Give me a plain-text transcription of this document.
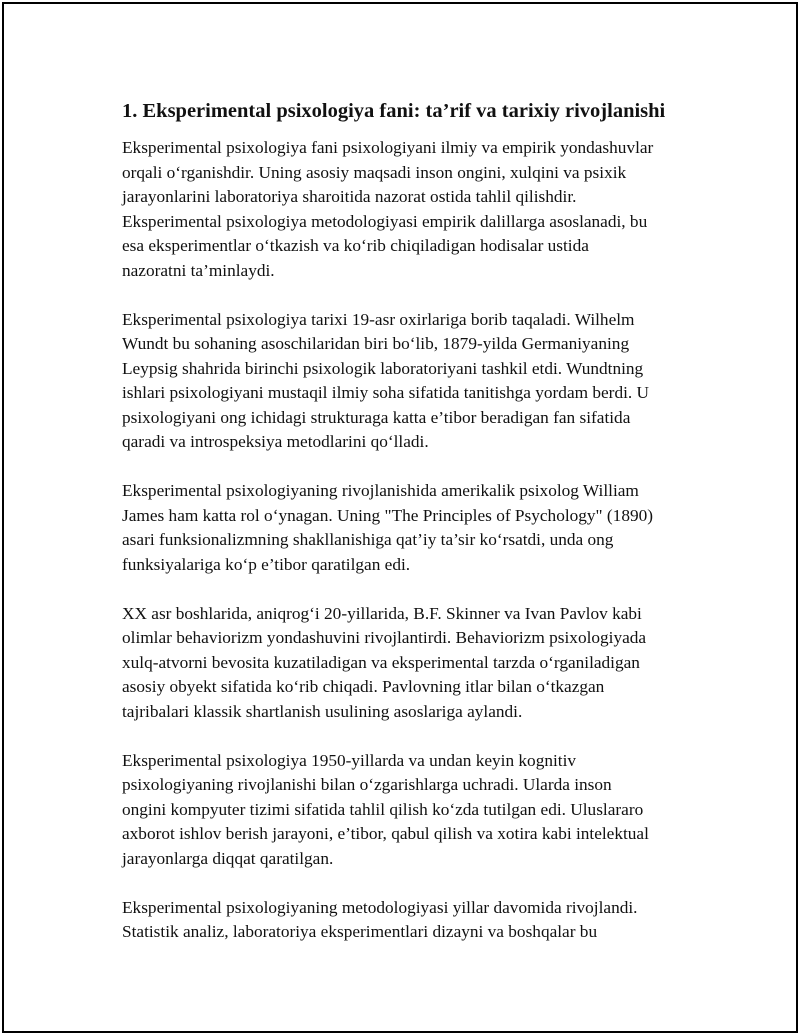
1. Eksperimental psixologiya fani: ta’rif va tarixiy rivojlanishi

Eksperimental psixologiya fani psixologiyani ilmiy va empirik yondashuvlar
orqali o‘rganishdir. Uning asosiy maqsadi inson ongini, xulqini va psixik
jarayonlarini laboratoriya sharoitida nazorat ostida tahlil qilishdir.
Eksperimental psixologiya metodologiyasi empirik dalillarga asoslanadi, bu
esa eksperimentlar o‘tkazish va ko‘rib chiqiladigan hodisalar ustida
nazoratni ta’minlaydi.

Eksperimental psixologiya tarixi 19-asr oxirlariga borib taqaladi. Wilhelm
Wundt bu sohaning asoschilaridan biri bo‘lib, 1879-yilda Germaniyaning
Leypsig shahrida birinchi psixologik laboratoriyani tashkil etdi. Wundtning
ishlari psixologiyani mustaqil ilmiy soha sifatida tanitishga yordam berdi. U
psixologiyani ong ichidagi strukturaga katta e’tibor beradigan fan sifatida
qaradi va introspeksiya metodlarini qo‘lladi.

Eksperimental psixologiyaning rivojlanishida amerikalik psixolog William
James ham katta rol o‘ynagan. Uning "The Principles of Psychology" (1890)
asari funksionalizmning shakllanishiga qat’iy ta’sir ko‘rsatdi, unda ong
funksiyalariga ko‘p e’tibor qaratilgan edi.

XX asr boshlarida, aniqrog‘i 20-yillarida, B.F. Skinner va Ivan Pavlov kabi
olimlar behaviorizm yondashuvini rivojlantirdi. Behaviorizm psixologiyada
xulq-atvorni bevosita kuzatiladigan va eksperimental tarzda o‘rganiladigan
asosiy obyekt sifatida ko‘rib chiqadi. Pavlovning itlar bilan o‘tkazgan
tajribalari klassik shartlanish usulining asoslariga aylandi.

Eksperimental psixologiya 1950-yillarda va undan keyin kognitiv
psixologiyaning rivojlanishi bilan o‘zgarishlarga uchradi. Ularda inson
ongini kompyuter tizimi sifatida tahlil qilish ko‘zda tutilgan edi. Uluslararo
axborot ishlov berish jarayoni, e’tibor, qabul qilish va xotira kabi intelektual
jarayonlarga diqqat qaratilgan.

Eksperimental psixologiyaning metodologiyasi yillar davomida rivojlandi.
Statistik analiz, laboratoriya eksperimentlari dizayni va boshqalar bu
